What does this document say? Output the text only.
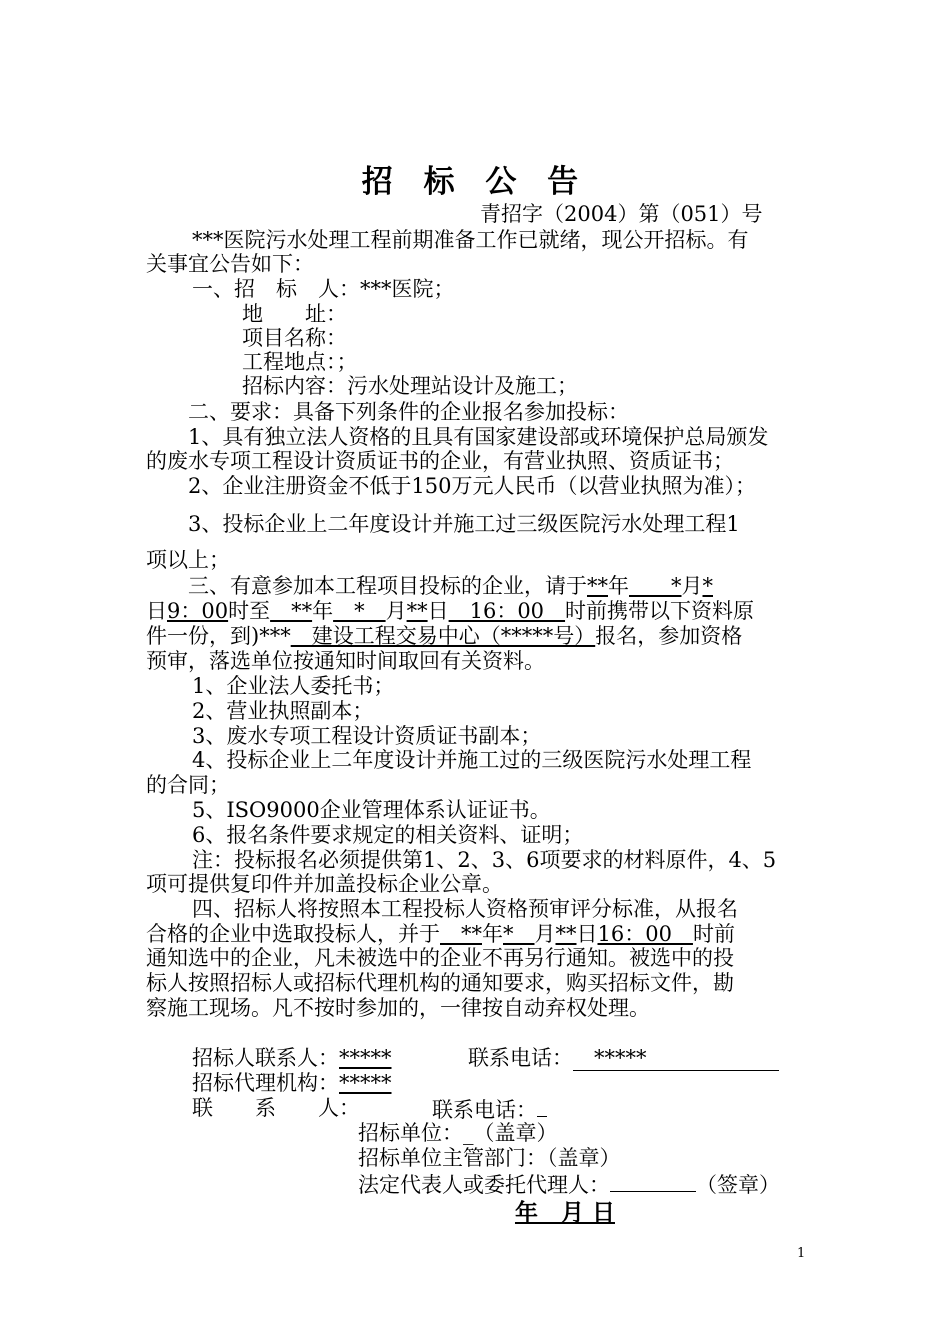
招 标 公 告
青招字（2004）第（051）号
***医院污水处理工程前期准备工作已就绪，现公开招标。有
关事宜公告如下：
一、招　标　人：***医院；
地　　址：
项目名称：
工程地点：；
招标内容：污水处理站设计及施工；
二、要求：具备下列条件的企业报名参加投标：
1、具有独立法人资格的且具有国家建设部或环境保护总局颁发
的废水专项工程设计资质证书的企业，有营业执照、资质证书；
2、企业注册资金不低于150万元人民币（以营业执照为准）；
3、投标企业上二年度设计并施工过三级医院污水处理工程1
项以上；
三、有意参加本工程项目投标的企业，请于**年　　*月*
日9：00时至　**年　*　月**日　16：00　时前携带以下资料原
件一份，到)***　建设工程交易中心（*****号）报名，参加资格
预审，落选单位按通知时间取回有关资料。
1、企业法人委托书；
2、营业执照副本；
3、废水专项工程设计资质证书副本；
4、投标企业上二年度设计并施工过的三级医院污水处理工程
的合同；
5、ISO9000企业管理体系认证证书。
6、报名条件要求规定的相关资料、证明；
注：投标报名必须提供第1、2、3、6项要求的材料原件，4、5
项可提供复印件并加盖投标企业公章。
四、招标人将按照本工程投标人资格预审评分标准，从报名
合格的企业中选取投标人，并于　**年*　月**日16：00　时前
通知选中的企业，凡未被选中的企业不再另行通知。被选中的投
标人按照招标人或招标代理机构的通知要求，购买招标文件，勘
察施工现场。凡不按时参加的，一律按自动弃权处理。
招标人联系人：*****	联系电话：　*****
招标代理机构：*****
联　　系　　人：	联系电话：
招标单位：_（盖章）
招标单位主管部门：（盖章）
法定代表人或委托代理人：	（签章）
年　月 日
1
